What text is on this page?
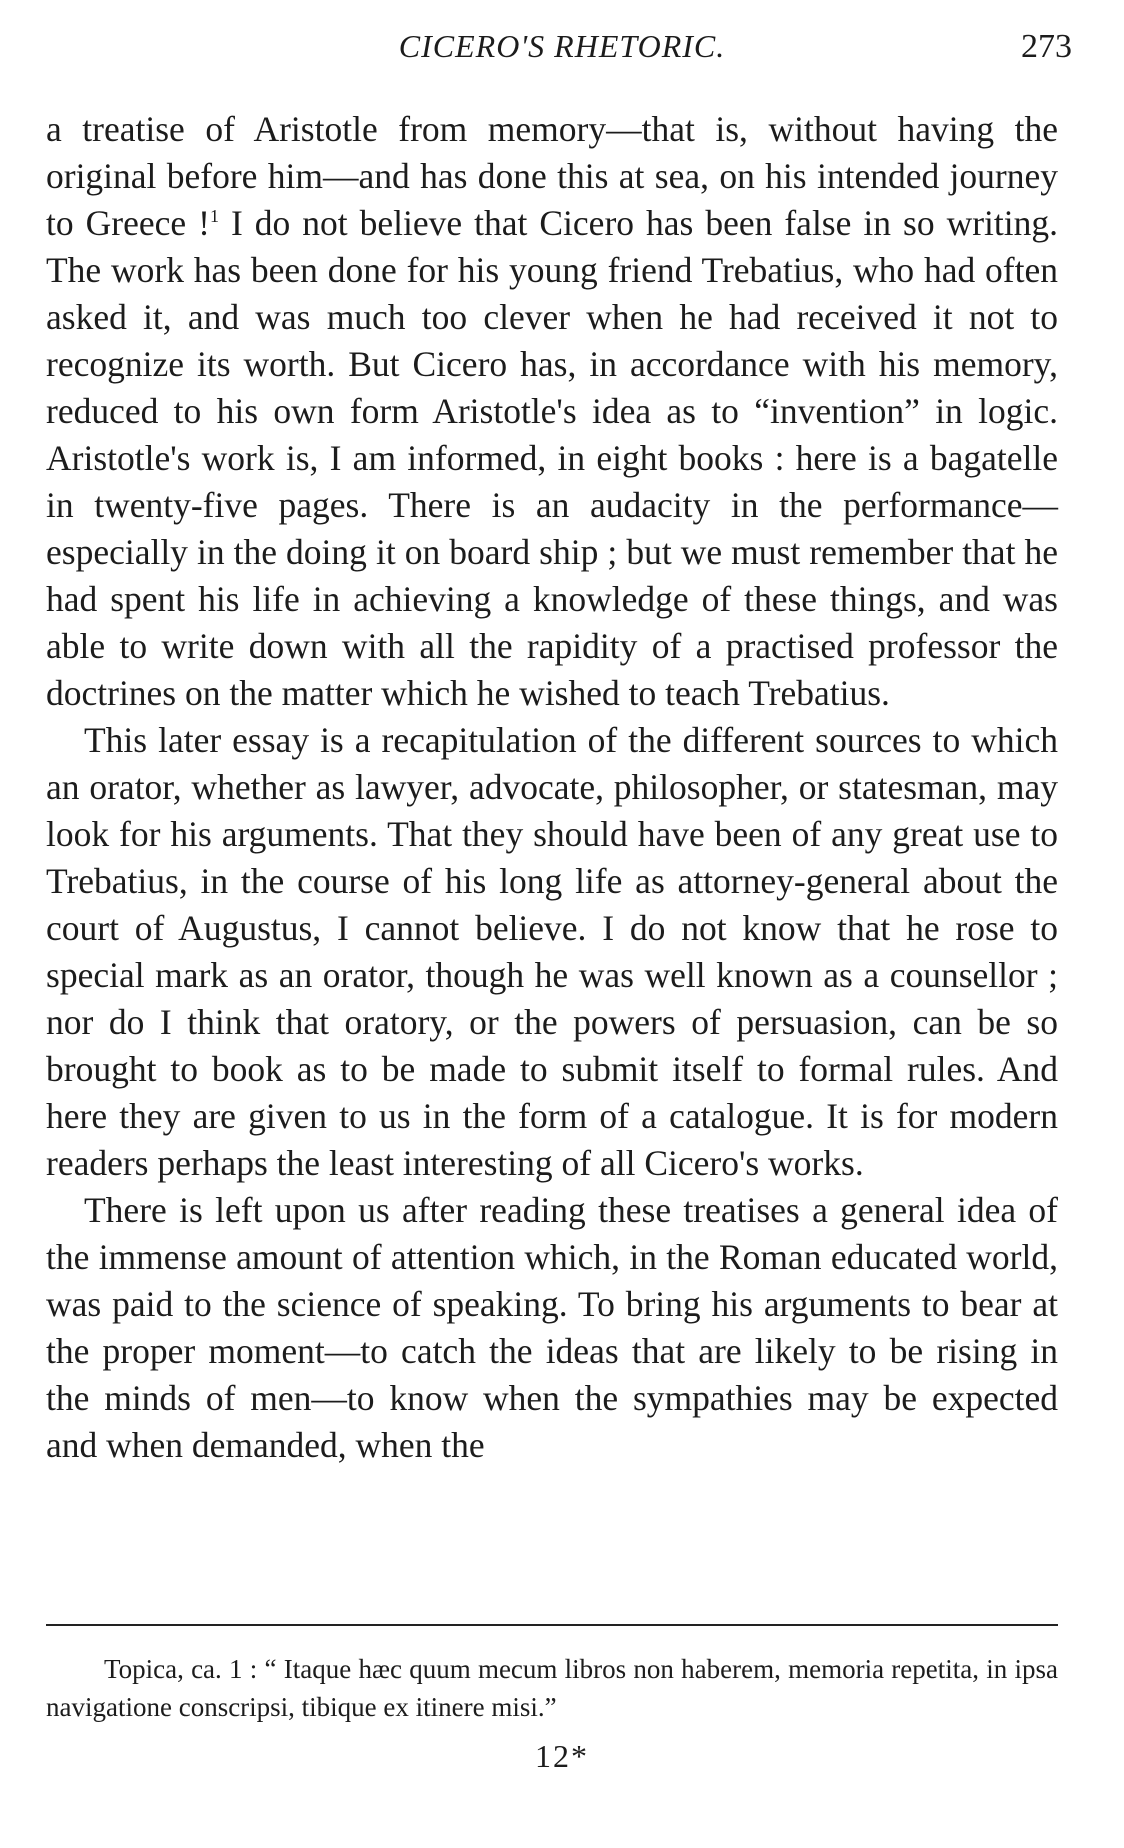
CICERO'S RHETORIC.	273

a treatise of Aristotle from memory—that is, without having the original before him—and has done this at sea, on his intended journey to Greece !$^1$ I do not believe that Cicero has been false in so writing. The work has been done for his young friend Trebatius, who had often asked it, and was much too clever when he had received it not to recognize its worth. But Cicero has, in accordance with his memory, reduced to his own form Aristotle's idea as to “invention” in logic. Aristotle's work is, I am informed, in eight books : here is a bagatelle in twenty-five pages. There is an audacity in the performance—especially in the doing it on board ship ; but we must remember that he had spent his life in achieving a knowledge of these things, and was able to write down with all the rapidity of a practised professor the doctrines on the matter which he wished to teach Trebatius.

This later essay is a recapitulation of the different sources to which an orator, whether as lawyer, advocate, philosopher, or statesman, may look for his arguments. That they should have been of any great use to Trebatius, in the course of his long life as attorney-general about the court of Augustus, I cannot believe. I do not know that he rose to special mark as an orator, though he was well known as a counsellor ; nor do I think that oratory, or the powers of persuasion, can be so brought to book as to be made to submit itself to formal rules. And here they are given to us in the form of a catalogue. It is for modern readers perhaps the least interesting of all Cicero's works.

There is left upon us after reading these treatises a general idea of the immense amount of attention which, in the Roman educated world, was paid to the science of speaking. To bring his arguments to bear at the proper moment—to catch the ideas that are likely to be rising in the minds of men—to know when the sympathies may be expected and when demanded, when the

Topica, ca. 1 : “ Itaque hæc quum mecum libros non haberem, memoria repetita, in ipsa navigatione conscripsi, tibique ex itinere misi.”
12*
